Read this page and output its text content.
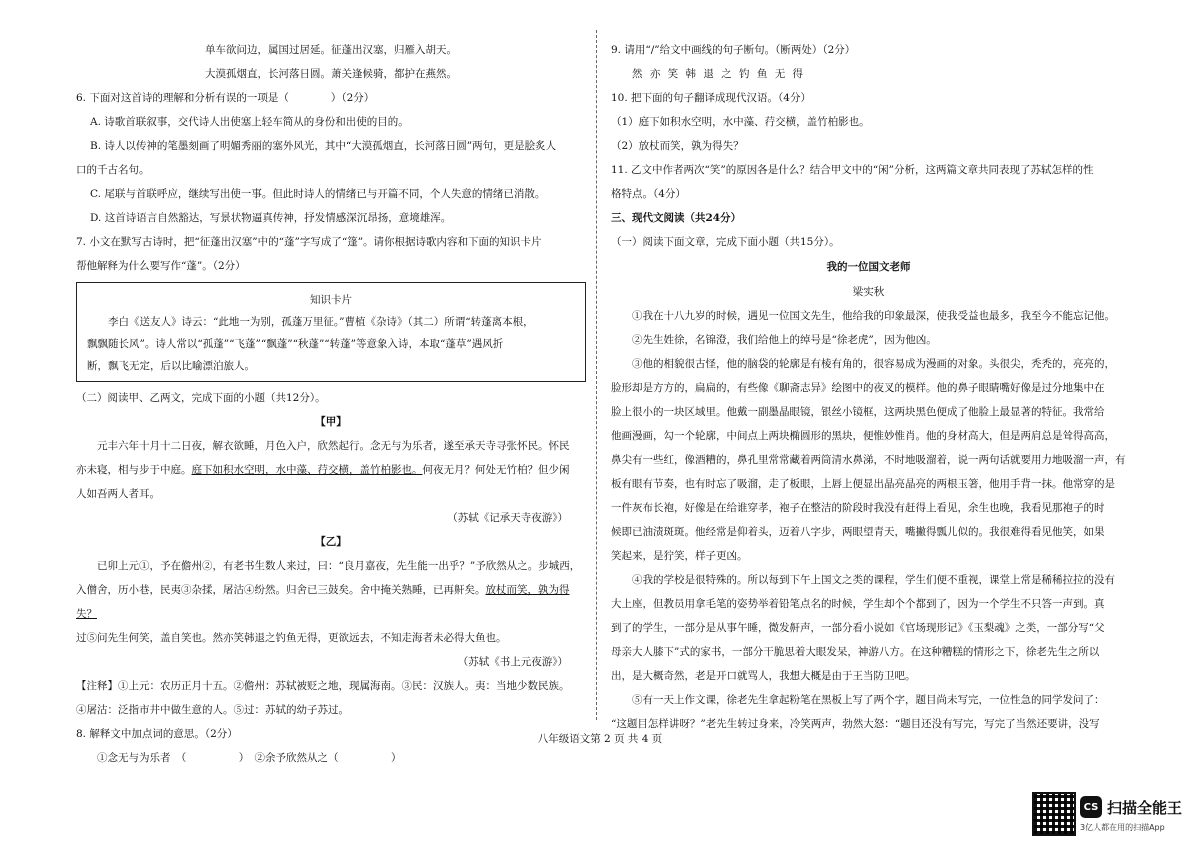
单车欲问边，属国过居延。征蓬出汉塞，归雁入胡天。

大漠孤烟直，长河落日圆。萧关逢候骑，都护在燕然。

6. 下面对这首诗的理解和分析有误的一项是（　　　　）（2分）

A. 诗歌首联叙事，交代诗人出使塞上轻车简从的身份和出使的目的。

B. 诗人以传神的笔墨刻画了明媚秀丽的塞外风光，其中“大漠孤烟直，长河落日圆”两句，更是脍炙人

口的千古名句。

C. 尾联与首联呼应，继续写出使一事。但此时诗人的情绪已与开篇不同，个人失意的情绪已消散。

D. 这首诗语言自然豁达，写景状物逼真传神，抒发情感深沉昂扬，意境雄浑。

7. 小文在默写古诗时，把“征蓬出汉塞”中的“蓬”字写成了“篷”。请你根据诗歌内容和下面的知识卡片

帮他解释为什么要写作“蓬”。（2分）

知识卡片

李白《送友人》诗云：“此地一为别，孤蓬万里征。”曹植《杂诗》（其二）所谓“转蓬离本根，

飘飘随长风”。诗人常以“孤蓬”“飞蓬”“飘蓬”“秋蓬”“转蓬”等意象入诗，本取“蓬草”遇风折

断，飘飞无定，后以比喻漂泊旅人。

（二）阅读甲、乙两文，完成下面的小题（共12分）。

【甲】

元丰六年十月十二日夜，解衣欲睡，月色入户，欣然起行。念无与为乐者，遂至承天寺寻张怀民。怀民

亦未寝，相与步于中庭。庭下如积水空明，水中藻、荇交横，盖竹柏影也。何夜无月？何处无竹柏？但少闲

人如吾两人者耳。

（苏轼《记承天寺夜游》）

【乙】

已卯上元①，予在儋州②，有老书生数人来过，曰：“良月嘉夜，先生能一出乎？”予欣然从之。步城西，

入僧舍，历小巷，民夷③杂揉，屠沽④纷然。归舍已三鼓矣。舍中掩关熟睡，已再鼾矣。放杖而笑，孰为得失？

过⑤问先生何笑，盖自笑也。然亦笑韩退之钓鱼无得，更欲远去，不知走海者未必得大鱼也。

（苏轼《书上元夜游》）

【注释】①上元：农历正月十五。②儋州：苏轼被贬之地，现属海南。③民：汉族人。夷：当地少数民族。

④屠沽：泛指市井中做生意的人。⑤过：苏轼的幼子苏过。

8. 解释文中加点词的意思。（2分）

①念无与为乐者　（　　　　　）　②余予欣然从之（　　　　　）

9. 请用“/”给文中画线的句子断句。（断两处）（2分）

然 亦 笑 韩 退 之 钓 鱼 无 得

10. 把下面的句子翻译成现代汉语。（4分）

（1）庭下如积水空明，水中藻、荇交横，盖竹柏影也。

（2）放杖而笑，孰为得失？

11. 乙文中作者两次“笑”的原因各是什么？结合甲文中的“闲”分析，这两篇文章共同表现了苏轼怎样的性

格特点。（4分）

三、现代文阅读（共24分）

（一）阅读下面文章，完成下面小题（共15分）。

我的一位国文老师

梁实秋

①我在十八九岁的时候，遇见一位国文先生，他给我的印象最深，使我受益也最多，我至今不能忘记他。

②先生姓徐，名锦澄，我们给他上的绰号是“徐老虎”，因为他凶。

③他的相貌很古怪，他的脑袋的轮廓是有棱有角的，很容易成为漫画的对象。头很尖，秃秃的，亮亮的，

脸形却是方方的，扁扁的，有些像《聊斋志异》绘图中的夜叉的模样。他的鼻子眼睛嘴好像是过分地集中在

脸上很小的一块区域里。他戴一副墨晶眼镜，银丝小镜框，这两块黑色便成了他脸上最显著的特征。我常给

他画漫画，勾一个轮廓，中间点上两块椭圆形的黑块，便惟妙惟肖。他的身材高大，但是两肩总是耸得高高，

鼻尖有一些红，像酒糟的，鼻孔里常常藏着两筒清水鼻涕，不时地吸溜着，说一两句话就要用力地吸溜一声，有

板有眼有节奏，也有时忘了吸溜，走了板眼，上唇上便显出晶亮晶亮的两根玉箸，他用手背一抹。他常穿的是

一件灰布长袍，好像是在给谁穿孝，袍子在整洁的阶段时我没有赶得上看见，余生也晚，我看见那袍子的时

候即已油渍斑斑。他经常是仰着头，迈着八字步，两眼望青天，嘴撇得瓢儿似的。我很难得看见他笑，如果

笑起来，是狞笑，样子更凶。

④我的学校是很特殊的。所以每到下午上国文之类的课程，学生们便不重视，课堂上常是稀稀拉拉的没有

大上座，但教员用拿毛笔的姿势举着铅笔点名的时候，学生却个个都到了，因为一个学生不只答一声到。真

到了的学生，一部分是从事午睡，微发鼾声，一部分看小说如《官场现形记》《玉梨魂》之类，一部分写“父

母亲大人膝下”式的家书，一部分干脆思着大眼发呆，神游八方。在这种糟糕的情形之下，徐老先生之所以

出，是大概奇然，老是开口就骂人，我想大概是由于王当防卫吧。

⑤有一天上作文课，徐老先生拿起粉笔在黑板上写了两个字，题目尚未写完，一位性急的同学发问了：

“这题目怎样讲呀？”老先生转过身来，冷笑两声，勃然大怒：“题目还没有写完，写完了当然还要讲，没写

八年级语文第 2 页 共 4 页
CS 扫描全能王
3亿人都在用的扫描App
